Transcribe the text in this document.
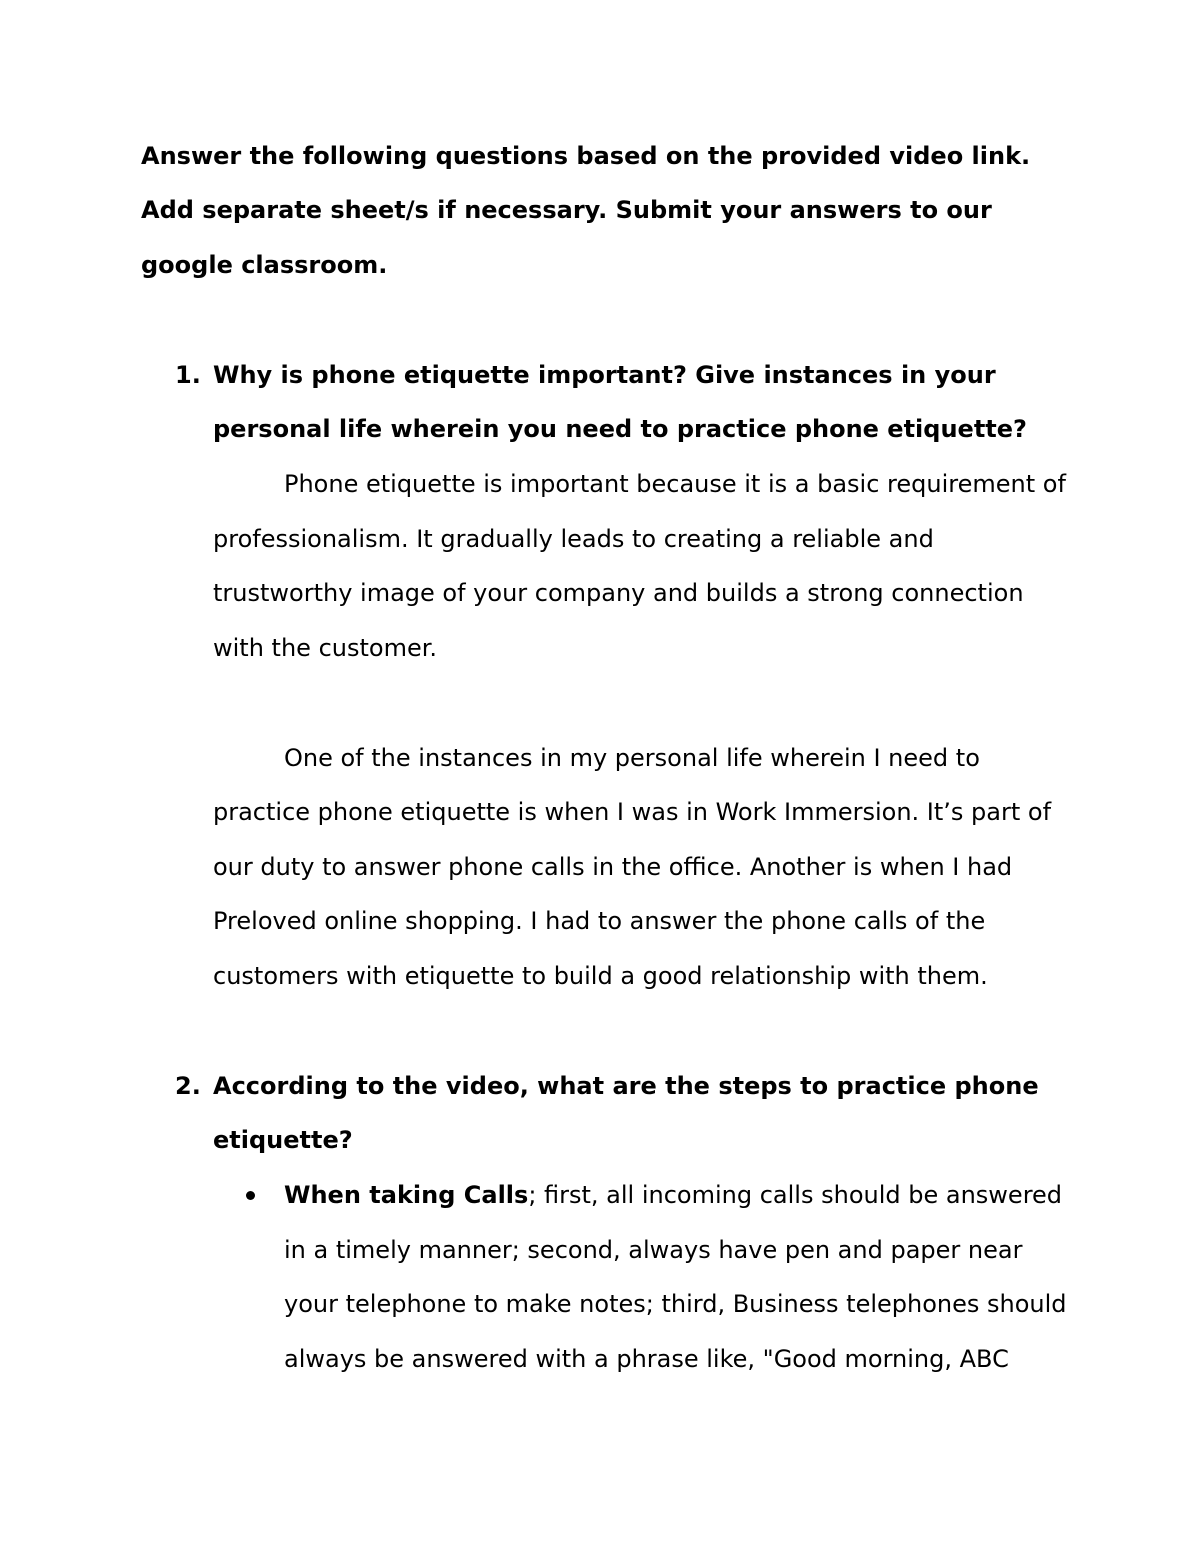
Answer the following questions based on the provided video link.

Add separate sheet/s if necessary. Submit your answers to our

google classroom.

1. Why is phone etiquette important? Give instances in your

personal life wherein you need to practice phone etiquette?

Phone etiquette is important because it is a basic requirement of

professionalism. It gradually leads to creating a reliable and

trustworthy image of your company and builds a strong connection

with the customer.

One of the instances in my personal life wherein I need to

practice phone etiquette is when I was in Work Immersion. It’s part of

our duty to answer phone calls in the office. Another is when I had

Preloved online shopping. I had to answer the phone calls of the

customers with etiquette to build a good relationship with them.

2. According to the video, what are the steps to practice phone

etiquette?

When taking Calls; first, all incoming calls should be answered

in a timely manner; second, always have pen and paper near

your telephone to make notes; third, Business telephones should

always be answered with a phrase like, "Good morning, ABC
